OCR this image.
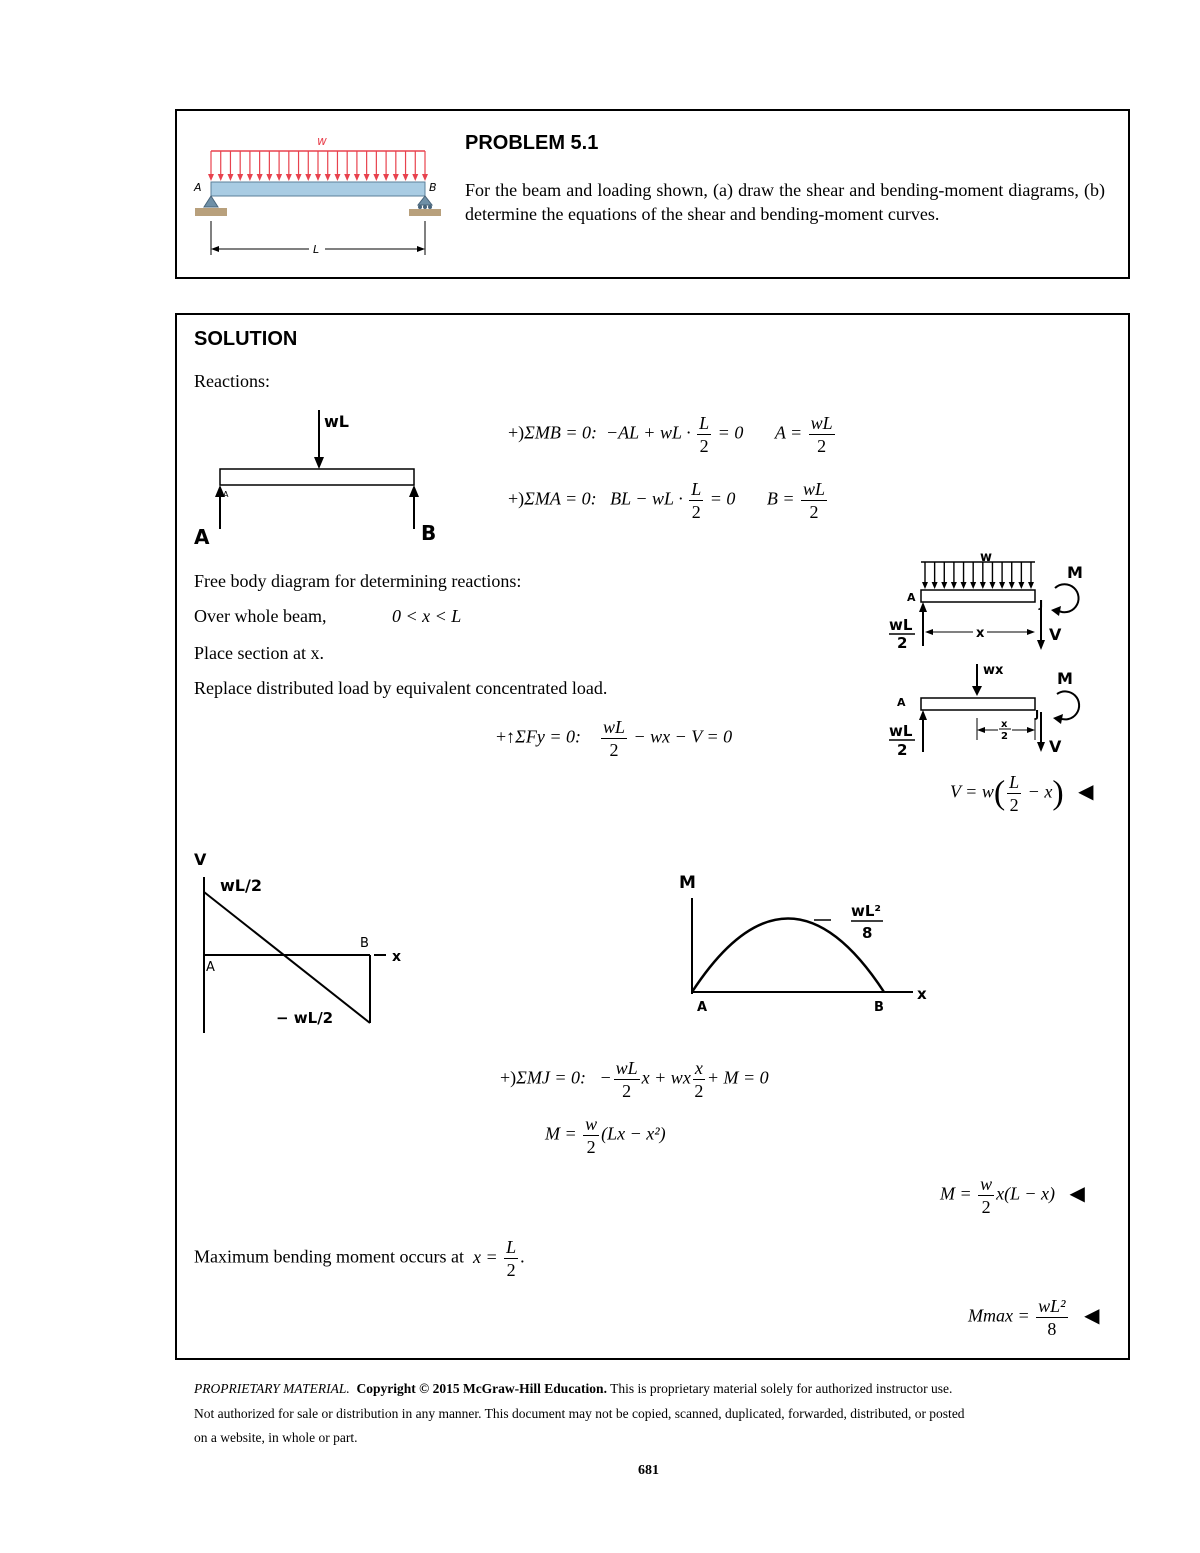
w
A	B
L
PROBLEM 5.1
For the beam and loading shown, (a) draw the shear and bending-moment diagrams, (b) determine the equations of the shear and bending-moment curves.
SOLUTION
Reactions:
wL
A
A	B
+)ΣMB = 0: −AL + wL · $\frac{L}{2} = 0$ $A = \frac{wL}{2}$
+)ΣMA = 0: BL − wL · $\frac{L}{2} = 0$ $B = \frac{wL}{2}$
Free body diagram for determining reactions:
Over whole beam,	0 < x < L
Place section at x.
Replace distributed load by equivalent concentrated load.
+↑ΣFy = 0: $\frac{wL}{2}$ − wx − V = 0
w
A
wL
2
x	V
J
M
wx
A
wL
2
x
2
V
J
M
$V = w( \frac{L}{2} - x)$ ◀
V
x
wL/2
A
B
− wL/2
M
x
wL²
8
A	B
+)ΣMJ = 0: − $\frac{wL}{2}$ x + wx $\frac{x}{2} + M = 0$
$M = \frac{w}{2} (Lx - x^2)$
$M = \frac{w}{2} x(L - x)$ ◀
Maximum bending moment occurs at $x = \frac{L}{2}$ .
$Mmax = \frac{\text{wL²}}{8}$ ◀
PROPRIETARY MATERIAL. Copyright © 2015 McGraw-Hill Education. This is proprietary material solely for authorized instructor use.
Not authorized for sale or distribution in any manner. This document may not be copied, scanned, duplicated, forwarded, distributed, or posted
on a website, in whole or part.
681
